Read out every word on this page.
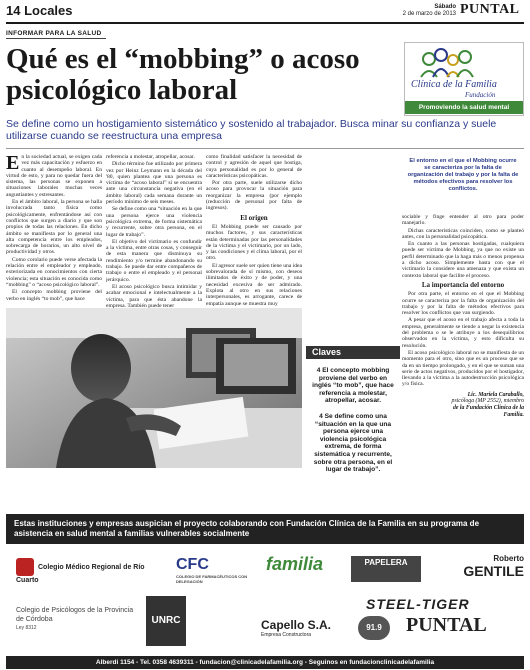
14 Locales	Sábado
2 de marzo de 2013 PUNTAL
INFORMAR PARA LA SALUD
Qué es el “mobbing” o acoso psicológico laboral	Clínica de la Familia
Fundación
Promoviendo la salud mental
Se define como un hostigamiento sistemático y sostenido al trabajador. Busca minar su confianza y suele utilizarse cuando se reestructura una empresa

En la sociedad actual, se exigen cada vez más capacitación y esfuerzo en cuanto al desempeño laboral. En virtud de esto, y para no quedar fuera del sistema, las personas se exponen a situaciones laborales muchas veces angustiantes y estresantes.

En el ámbito laboral, la persona se halla involucrada tanto física como psicológicamente, enfrentándose así con conflictos que surgen a diario y que son propios de todas las relaciones. En dicho ámbito se manifiesta por lo general una alta competencia entre los empleados, sobrecarga de horarios, un alto nivel de productividad y otros.

Como corolario puede verse afectada la relación entre el empleador y empleado, exteriorizada en conocimientos con cierta violencia; esta situación es conocida como “mobbing” o “acoso psicológico laboral”.

El concepto mobbing proviene del verbo en inglés “to mob”, que hace

referencia a molestar, atropellar, acosar.

Dicho término fue utilizado por primera vez por Heinz Leymann en la década del '80, quien plantea que una persona es víctima de “acoso laboral” si se encuentra ante una circunstancia negativa (en el ámbito laboral) cada semana durante un período mínimo de seis meses.

Se define como una “situación en la que una persona ejerce una violencia psicológica extrema, de forma sistemática y recurrente, sobre otra persona, en el lugar de trabajo”.

El objetivo del victimario es confundir a la víctima, entre otras cosas, y conseguir de esta manera que disminuya su rendimiento y/o termine abandonando su trabajo. Se puede dar entre compañeros de trabajo o entre el empleado y el personal jerárquico.

El acoso psicológico busca intimidar y acabar emocional e intelectualmente a la víctima, para que ésta abandone la empresa. También puede tener

como finalidad satisfacer la necesidad de control y agresión de aquel que hostiga, cuya personalidad es por lo general de características psicopáticas.

Por otra parte, suele utilizarse dicho acoso para provocar la situación para reorganizar la empresa (por ejemplo (reducción de personal por falta de ingresos).

El origen

El Mobbing puede ser causado por muchos factores, y sus características están determinadas por las personalidades de la víctima y el victimario, por un lado, y las condiciones y el clima laboral, por el otro.

El agresor suele ser quien tiene una idea sobrevalorada de sí mismo, con deseos ilimitados de éxito y de poder, y una necesidad excesiva de ser admirado. Explota al otro en sus relaciones interpersonales, es arrogante, carece de empatía aunque se muestra muy

El entorno en el que el Mobbing ocurre se caracteriza por la falta de organización del trabajo y por la falta de métodos efectivos para resolver los conflictos.

sociable y finge entender al otro para poder manejarlo.

Dichas características coinciden, como se planteó antes, con la personalidad psicopática.

En cuanto a las personas hostigadas, cualquiera puede ser víctima de Mobbing, ya que no existe un perfil determinado que la haga más o menos propensa a dicho acoso. Simplemente basta con que el victimario la considere una amenaza y que exista un contexto laboral que facilite el proceso.

La importancia del entorno

Por otra parte, el entorno en el que el Mobbing ocurre se caracteriza por la falta de organización del trabajo y por la falta de métodos efectivos para resolver los conflictos que van surgiendo.

A pesar que el acoso en el trabajo afecta a toda la empresa, generalmente se tiende a negar la existencia del problema o se le atribuye a los desequilibrios observados en la víctima, y esto dificulta su resolución.

El acoso psicológico laboral no se manifiesta de un momento para el otro, sino que es un proceso que se da en un tiempo prolongado, y en el que se suman una serie de actos negativos, producidos por el hostigador, llevando a la víctima a la autodestrucción psicológica y/o física.

Lic. Mariela Caraballo,
psicóloga (MP 2552), miembro
de la Fundación Clínica de la
Familia.
Claves
4 El concepto mobbing proviene del verbo en inglés “to mob”, que hace referencia a molestar, atropellar, acosar.
4 Se define como una “situación en la que una persona ejerce una violencia psicológica extrema, de forma sistemática y recurrente, sobre otra persona, en el lugar de trabajo”.
Estas instituciones y empresas auspician el proyecto colaborando con Fundación Clínica de la Familia en su programa de asistencia en salud mental a familias vulnerables socialmente
Colegio Médico Regional de Río Cuarto
CFC
COLEGIO DE FARMACÉUTICOS CON DELEGACIÓN
familia	PAPELERA	Roberto
GENTILE
Colegio de Psicólogos de la Provincia de Córdoba
Ley 8312
UNRC
STEEL-TIGER
Capello S.A.
Empresa Constructora
91.9	PUNTAL
Alberdi 1154 - Tel. 0358 4639311 - fundacion@clinicadelafamilia.org - Seguinos en fundacionclinicadelafamilia
